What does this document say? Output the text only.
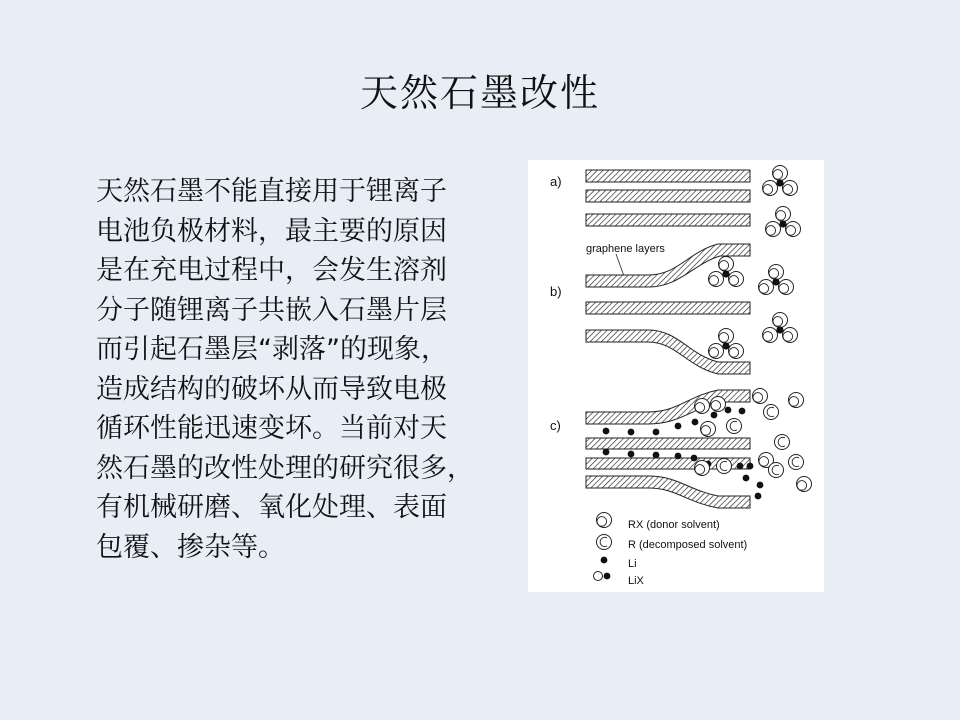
天然石墨改性
天然石墨不能直接用于锂离子
电池负极材料，最主要的原因
是在充电过程中，会发生溶剂
分子随锂离子共嵌入石墨片层
而引起石墨层“剥落”的现象，
造成结构的破坏从而导致电极
循环性能迅速变坏。当前对天
然石墨的改性处理的研究很多，
有机械研磨、氧化处理、表面
包覆、掺杂等。
a)
graphene layers
b)
c)
RX (donor solvent)
R (decomposed solvent)
Li
LiX
